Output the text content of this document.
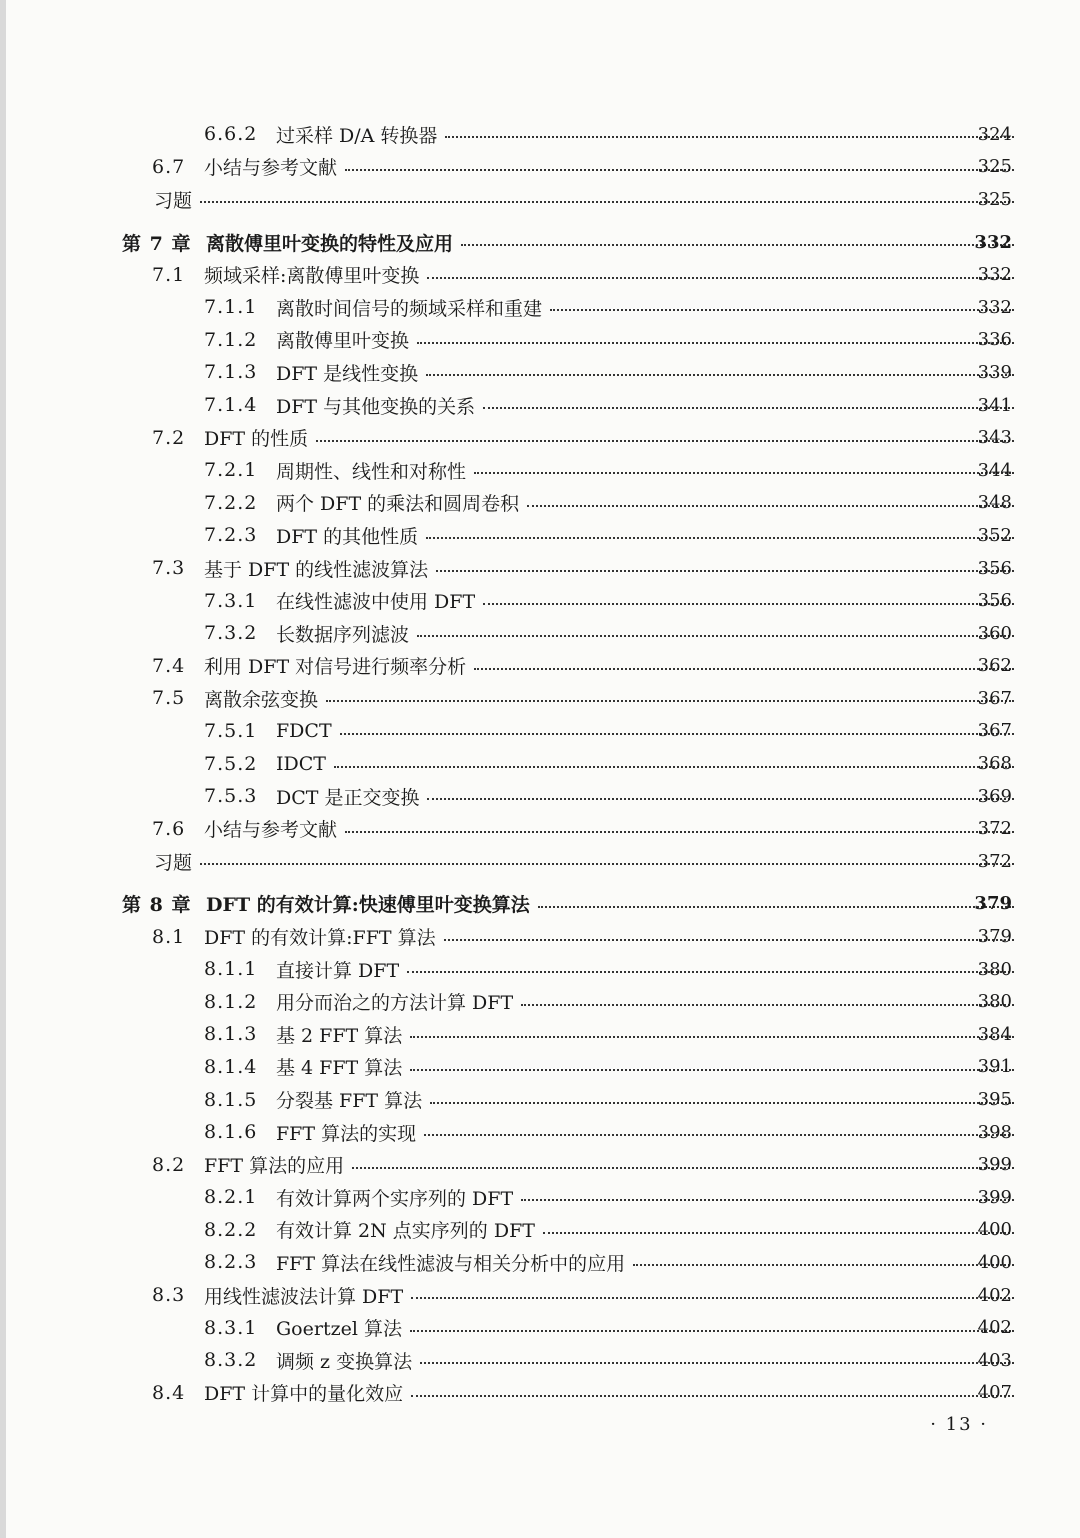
6.6.2 过采样 D/A 转换器	324
6.7 小结与参考文献	325
习题	325
第 7 章 离散傅里叶变换的特性及应用	332
7.1 频域采样:离散傅里叶变换	332
7.1.1 离散时间信号的频域采样和重建	332
7.1.2 离散傅里叶变换	336
7.1.3 DFT 是线性变换	339
7.1.4 DFT 与其他变换的关系	341
7.2 DFT 的性质	343
7.2.1 周期性、线性和对称性	344
7.2.2 两个 DFT 的乘法和圆周卷积	348
7.2.3 DFT 的其他性质	352
7.3 基于 DFT 的线性滤波算法	356
7.3.1 在线性滤波中使用 DFT	356
7.3.2 长数据序列滤波	360
7.4 利用 DFT 对信号进行频率分析	362
7.5 离散余弦变换	367
7.5.1 FDCT	367
7.5.2 IDCT	368
7.5.3 DCT 是正交变换	369
7.6 小结与参考文献	372
习题	372
第 8 章 DFT 的有效计算:快速傅里叶变换算法	379
8.1 DFT 的有效计算:FFT 算法	379
8.1.1 直接计算 DFT	380
8.1.2 用分而治之的方法计算 DFT	380
8.1.3 基 2 FFT 算法	384
8.1.4 基 4 FFT 算法	391
8.1.5 分裂基 FFT 算法	395
8.1.6 FFT 算法的实现	398
8.2 FFT 算法的应用	399
8.2.1 有效计算两个实序列的 DFT	399
8.2.2 有效计算 2N 点实序列的 DFT	400
8.2.3 FFT 算法在线性滤波与相关分析中的应用	400
8.3 用线性滤波法计算 DFT	402
8.3.1 Goertzel 算法	402
8.3.2 调频 z 变换算法	403
8.4 DFT 计算中的量化效应	407
· 13 ·
